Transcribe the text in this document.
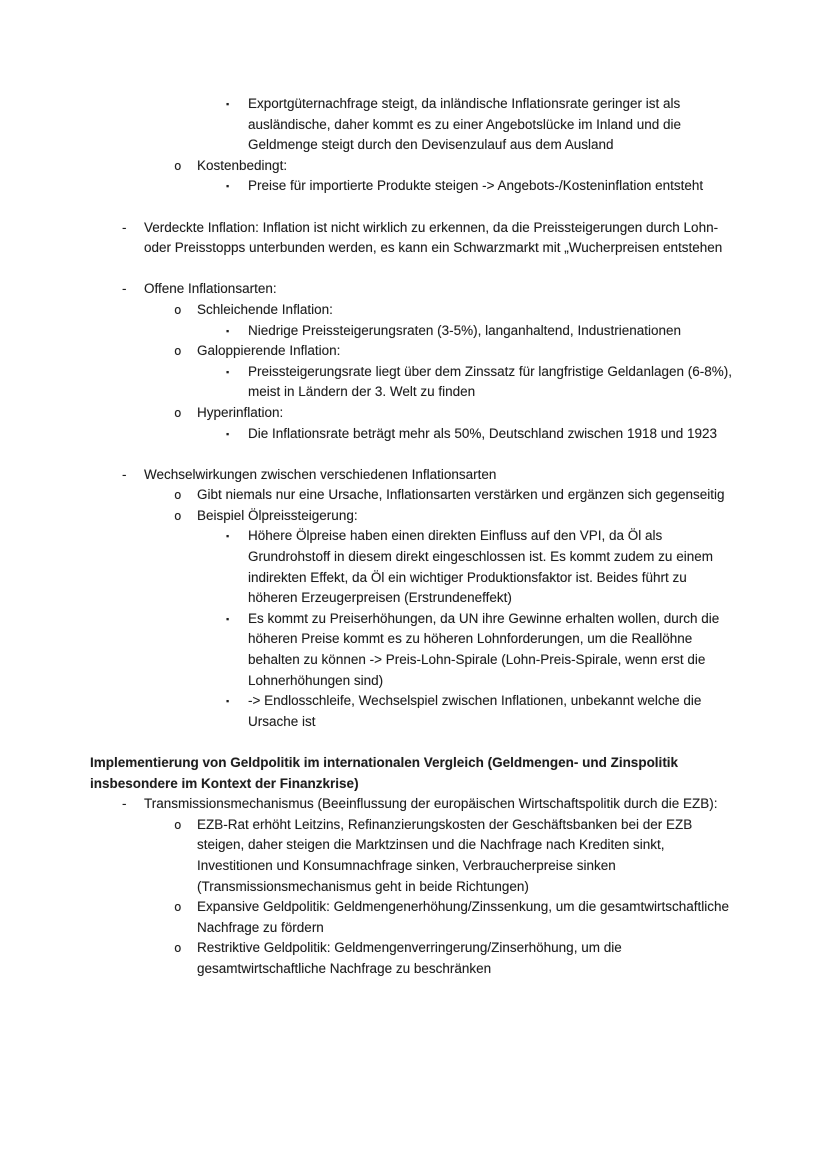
▪ Exportgüternachfrage steigt, da inländische Inflationsrate geringer ist als ausländische, daher kommt es zu einer Angebotslücke im Inland und die Geldmenge steigt durch den Devisenzulauf aus dem Ausland
o Kostenbedingt:
▪ Preise für importierte Produkte steigen -> Angebots-/Kosteninflation entsteht
- Verdeckte Inflation: Inflation ist nicht wirklich zu erkennen, da die Preissteigerungen durch Lohn- oder Preisstopps unterbunden werden, es kann ein Schwarzmarkt mit „Wucherpreisen entstehen
- Offene Inflationsarten:
o Schleichende Inflation:
▪ Niedrige Preissteigerungsraten (3-5%), langanhaltend, Industrienationen
o Galoppierende Inflation:
▪ Preissteigerungsrate liegt über dem Zinssatz für langfristige Geldanlagen (6-8%), meist in Ländern der 3. Welt zu finden
o Hyperinflation:
▪ Die Inflationsrate beträgt mehr als 50%, Deutschland zwischen 1918 und 1923
- Wechselwirkungen zwischen verschiedenen Inflationsarten
o Gibt niemals nur eine Ursache, Inflationsarten verstärken und ergänzen sich gegenseitig
o Beispiel Ölpreissteigerung:
▪ Höhere Ölpreise haben einen direkten Einfluss auf den VPI, da Öl als Grundrohstoff in diesem direkt eingeschlossen ist. Es kommt zudem zu einem indirekten Effekt, da Öl ein wichtiger Produktionsfaktor ist. Beides führt zu höheren Erzeugerpreisen (Erstrundeneffekt)
▪ Es kommt zu Preiserhöhungen, da UN ihre Gewinne erhalten wollen, durch die höheren Preise kommt es zu höheren Lohnforderungen, um die Reallöhne behalten zu können -> Preis-Lohn-Spirale (Lohn-Preis-Spirale, wenn erst die Lohnerhöhungen sind)
▪ -> Endlosschleife, Wechselspiel zwischen Inflationen, unbekannt welche die Ursache ist

Implementierung von Geldpolitik im internationalen Vergleich (Geldmengen- und Zinspolitik insbesondere im Kontext der Finanzkrise)

- Transmissionsmechanismus (Beeinflussung der europäischen Wirtschaftspolitik durch die EZB):
o EZB-Rat erhöht Leitzins, Refinanzierungskosten der Geschäftsbanken bei der EZB steigen, daher steigen die Marktzinsen und die Nachfrage nach Krediten sinkt, Investitionen und Konsumnachfrage sinken, Verbraucherpreise sinken (Transmissionsmechanismus geht in beide Richtungen)
o Expansive Geldpolitik: Geldmengenerhöhung/Zinssenkung, um die gesamtwirtschaftliche Nachfrage zu fördern
o Restriktive Geldpolitik: Geldmengenverringerung/Zinserhöhung, um die gesamtwirtschaftliche Nachfrage zu beschränken
